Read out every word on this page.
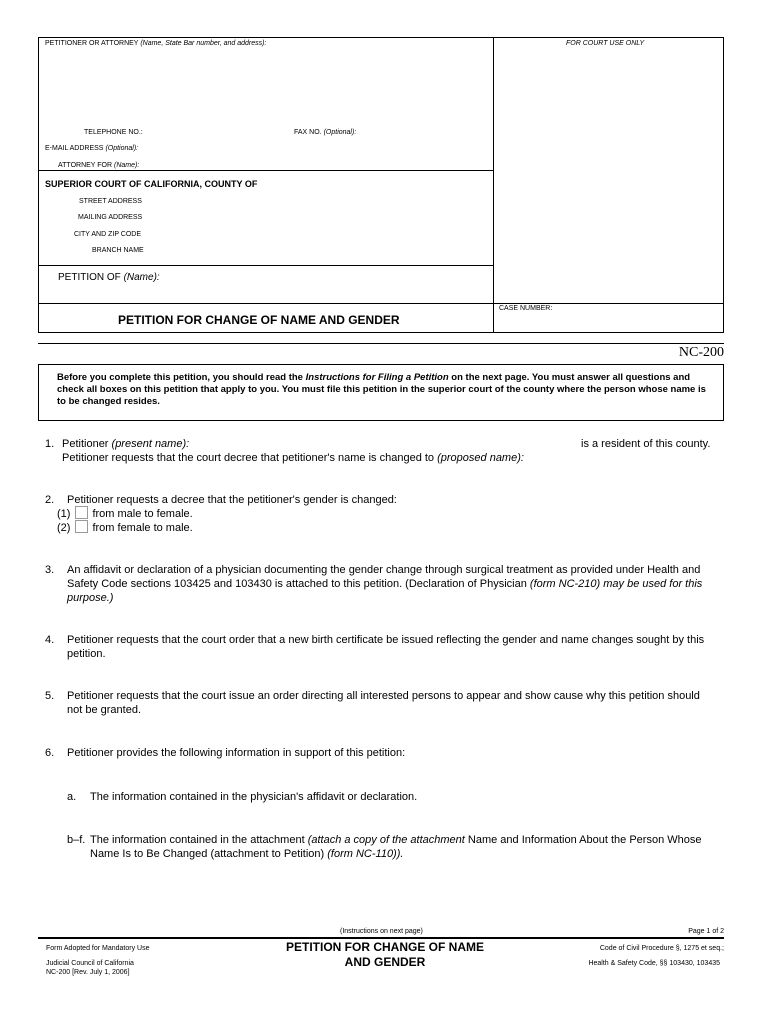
PETITIONER OR ATTORNEY (Name, State Bar number, and address):	FOR COURT USE ONLY
TELEPHONE NO.:	FAX NO. (Optional):
E-MAIL ADDRESS (Optional):
ATTORNEY FOR (Name):
SUPERIOR COURT OF CALIFORNIA, COUNTY OF
STREET ADDRESS
MAILING ADDRESS
CITY AND ZIP CODE
BRANCH NAME
PETITION OF (Name):
CASE NUMBER:
PETITION FOR CHANGE OF NAME AND GENDER
NC-200
Before you complete this petition, you should read the Instructions for Filing a Petition on the next page. You must answer all questions and check all boxes on this petition that apply to you. You must file this petition in the superior court of the county where the person whose name is to be changed resides.
1. Petitioner (present name):	is a resident of this county.
Petitioner requests that the court decree that petitioner's name is changed to (proposed name):
2. Petitioner requests a decree that the petitioner's gender is changed:
(1) from male to female.
(2) from female to male.
3. An affidavit or declaration of a physician documenting the gender change through surgical treatment as provided under Health and Safety Code sections 103425 and 103430 is attached to this petition. (Declaration of Physician (form NC-210) may be used for this purpose.)
4. Petitioner requests that the court order that a new birth certificate be issued reflecting the gender and name changes sought by this petition.
5. Petitioner requests that the court issue an order directing all interested persons to appear and show cause why this petition should not be granted.
6. Petitioner provides the following information in support of this petition:
a. The information contained in the physician's affidavit or declaration.
b–f. The information contained in the attachment (attach a copy of the attachment Name and Information About the Person Whose Name Is to Be Changed (attachment to Petition) (form NC-110)).
(Instructions on next page)	Page 1 of 2
Form Adopted for Mandatory Use
Judicial Council of California
NC-200 [Rev. July 1, 2006]
PETITION FOR CHANGE OF NAME
AND GENDER
Code of Civil Procedure §, 1275 et seq.;
Health & Safety Code, §§ 103430, 103435
